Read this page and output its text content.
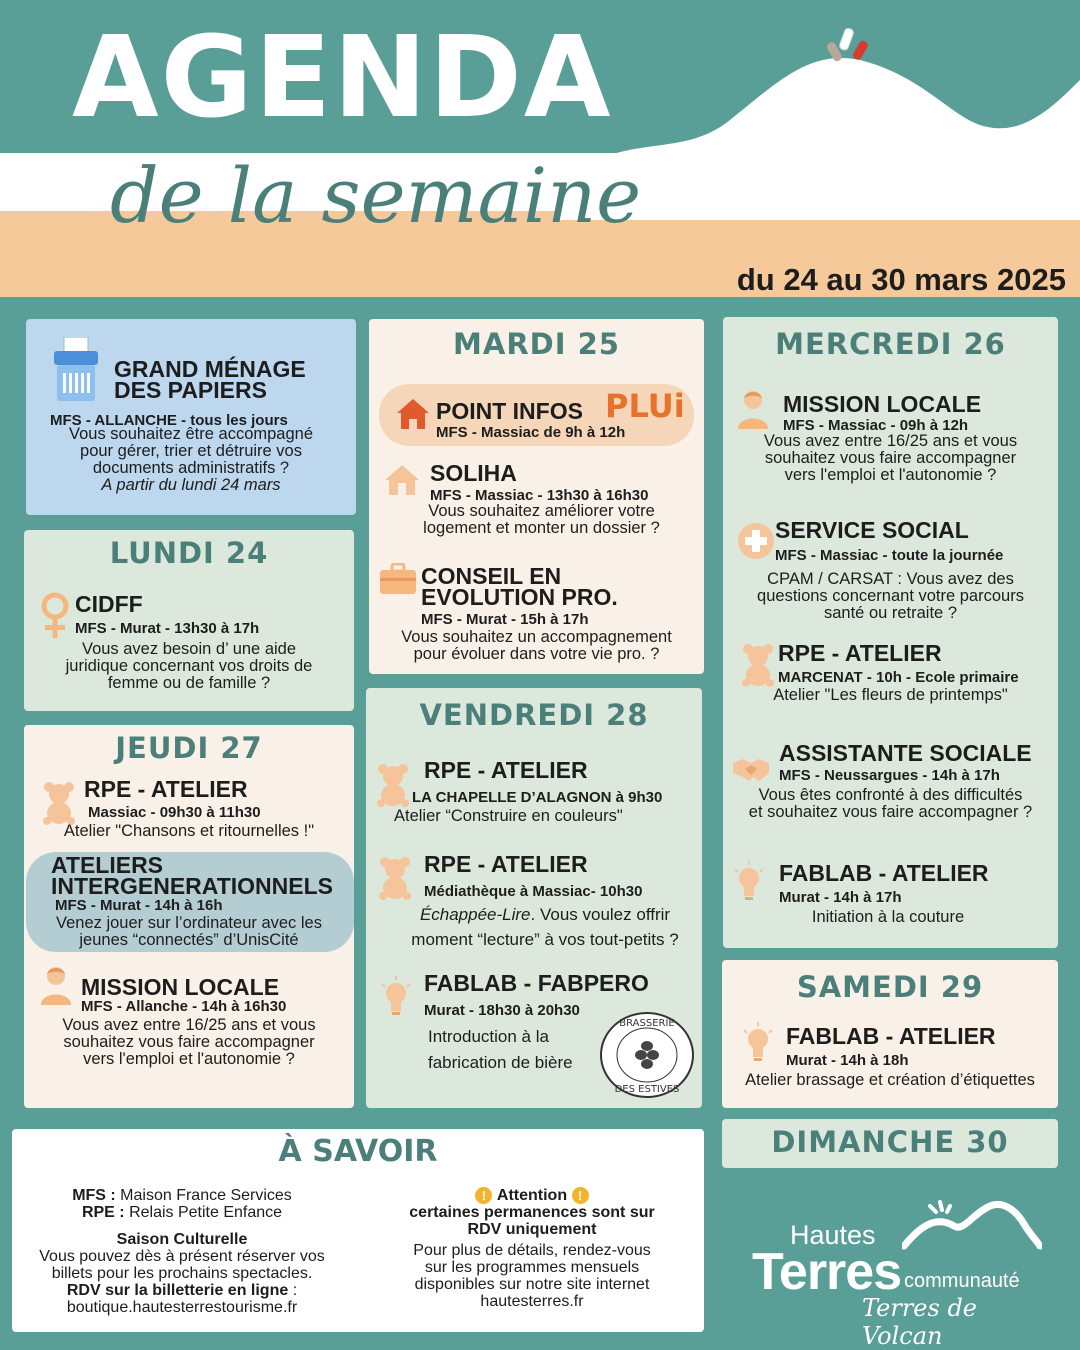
AGENDA
de la semaine
du 24 au 30 mars 2025
GRAND MÉNAGE
DES PAPIERS
MFS - ALLANCHE - tous les jours
Vous souhaitez être accompagné
pour gérer, trier et détruire vos
documents administratifs ?
A partir du lundi 24 mars
LUNDI 24
CIDFF
MFS - Murat - 13h30 à 17h
Vous avez besoin d’ une aide
juridique concernant vos droits de
femme ou de famille ?
JEUDI 27
RPE - ATELIER
Massiac - 09h30 à 11h30
Atelier "Chansons et ritournelles !"
ATELIERS
INTERGENERATIONNELS
MFS - Murat - 14h à 16h
Venez jouer sur l’ordinateur avec les
jeunes “connectés” d’UnisCité
MISSION LOCALE
MFS - Allanche - 14h à 16h30
Vous avez entre 16/25 ans et vous
souhaitez vous faire accompagner
vers l'emploi et l'autonomie ?
MARDI 25
POINT INFOS
MFS - Massiac de 9h à 12h
PLUi
SOLIHA
MFS - Massiac - 13h30 à 16h30
Vous souhaitez améliorer votre
logement et monter un dossier ?
CONSEIL EN
EVOLUTION PRO.
MFS - Murat - 15h à 17h
Vous souhaitez un accompagnement
pour évoluer dans votre vie pro. ?
VENDREDI 28
RPE - ATELIER
LA CHAPELLE D’ALAGNON à 9h30
Atelier “Construire en couleurs"
RPE - ATELIER
Médiathèque à Massiac- 10h30
Échappée-Lire. Vous voulez offrir
moment “lecture” à vos tout-petits ?
FABLAB - FABPERO
Murat - 18h30 à 20h30
Introduction à la
fabrication de bière
BRASSERIE
DES ESTIVES
MERCREDI 26
MISSION LOCALE
MFS - Massiac - 09h à 12h
Vous avez entre 16/25 ans et vous
souhaitez vous faire accompagner
vers l'emploi et l'autonomie ?
SERVICE SOCIAL
MFS - Massiac - toute la journée
CPAM / CARSAT : Vous avez des
questions concernant votre parcours
santé ou retraite ?
RPE - ATELIER
MARCENAT - 10h - Ecole primaire
Atelier "Les fleurs de printemps"
ASSISTANTE SOCIALE
MFS - Neussargues - 14h à 17h
Vous êtes confronté à des difficultés
et souhaitez vous faire accompagner ?
FABLAB - ATELIER
Murat - 14h à 17h
Initiation à la couture
SAMEDI 29
FABLAB - ATELIER
Murat - 14h à 18h
Atelier brassage et création d’étiquettes
DIMANCHE 30
À SAVOIR
MFS : Maison France Services
RPE : Relais Petite Enfance
Saison Culturelle
Vous pouvez dès à présent réserver vos
billets pour les prochains spectacles.
RDV sur la billetterie en ligne :
boutique.hautesterrestourisme.fr
! Attention !
certaines permanences sont sur
RDV uniquement
Pour plus de détails, rendez-vous
sur les programmes mensuels
disponibles sur notre site internet
hautesterres.fr
Hautes
Terres communauté
Terres de Volcan
